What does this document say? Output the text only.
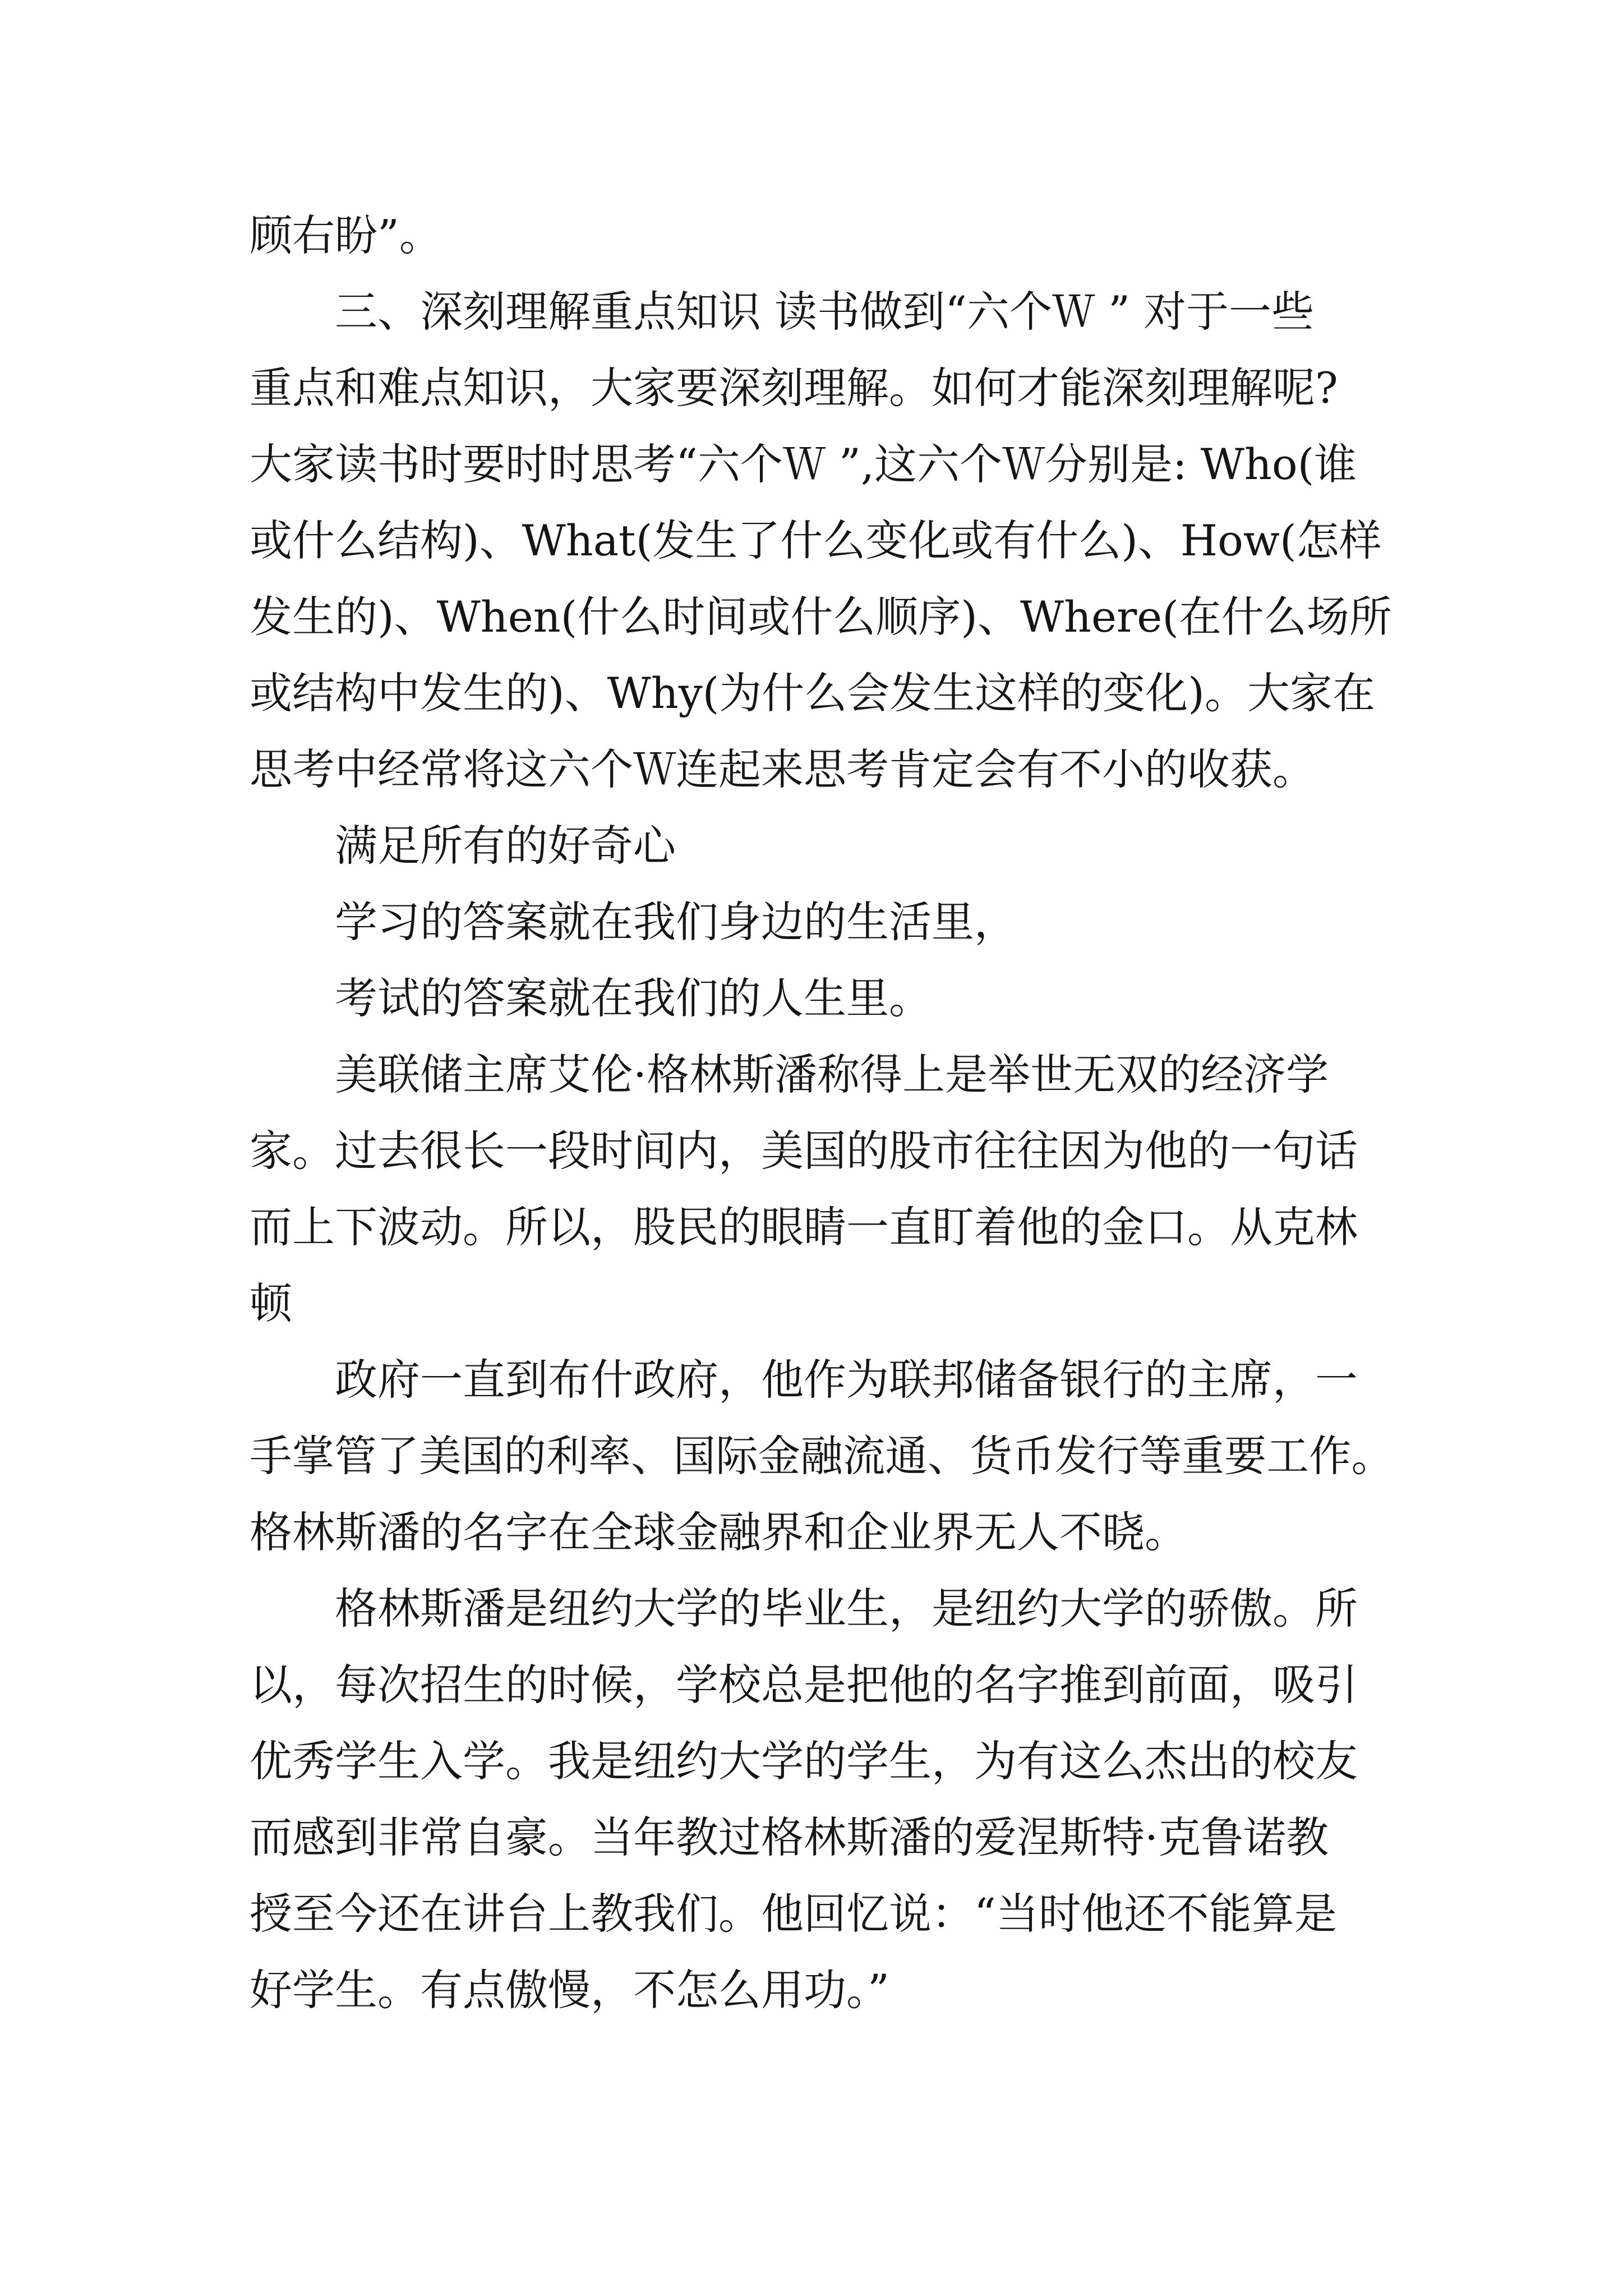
顾右盼”。
三、深刻理解重点知识 读书做到“六个Ｗ ” 对于一些
重点和难点知识，大家要深刻理解。如何才能深刻理解呢?
大家读书时要时时思考“六个Ｗ ”,这六个Ｗ分别是: Who(谁
或什么结构)、What(发生了什么变化或有什么)、How(怎样
发生的)、When(什么时间或什么顺序)、Where(在什么场所
或结构中发生的)、Why(为什么会发生这样的变化)。大家在
思考中经常将这六个Ｗ连起来思考肯定会有不小的收获。
满足所有的好奇心
学习的答案就在我们身边的生活里，
考试的答案就在我们的人生里。
美联储主席艾伦·格林斯潘称得上是举世无双的经济学
家。过去很长一段时间内，美国的股市往往因为他的一句话
而上下波动。所以，股民的眼睛一直盯着他的金口。从克林
顿
政府一直到布什政府，他作为联邦储备银行的主席，一
手掌管了美国的利率、国际金融流通、货币发行等重要工作。
格林斯潘的名字在全球金融界和企业界无人不晓。
格林斯潘是纽约大学的毕业生，是纽约大学的骄傲。所
以，每次招生的时候，学校总是把他的名字推到前面，吸引
优秀学生入学。我是纽约大学的学生，为有这么杰出的校友
而感到非常自豪。当年教过格林斯潘的爱涅斯特·克鲁诺教
授至今还在讲台上教我们。他回忆说：“当时他还不能算是
好学生。有点傲慢，不怎么用功。”
